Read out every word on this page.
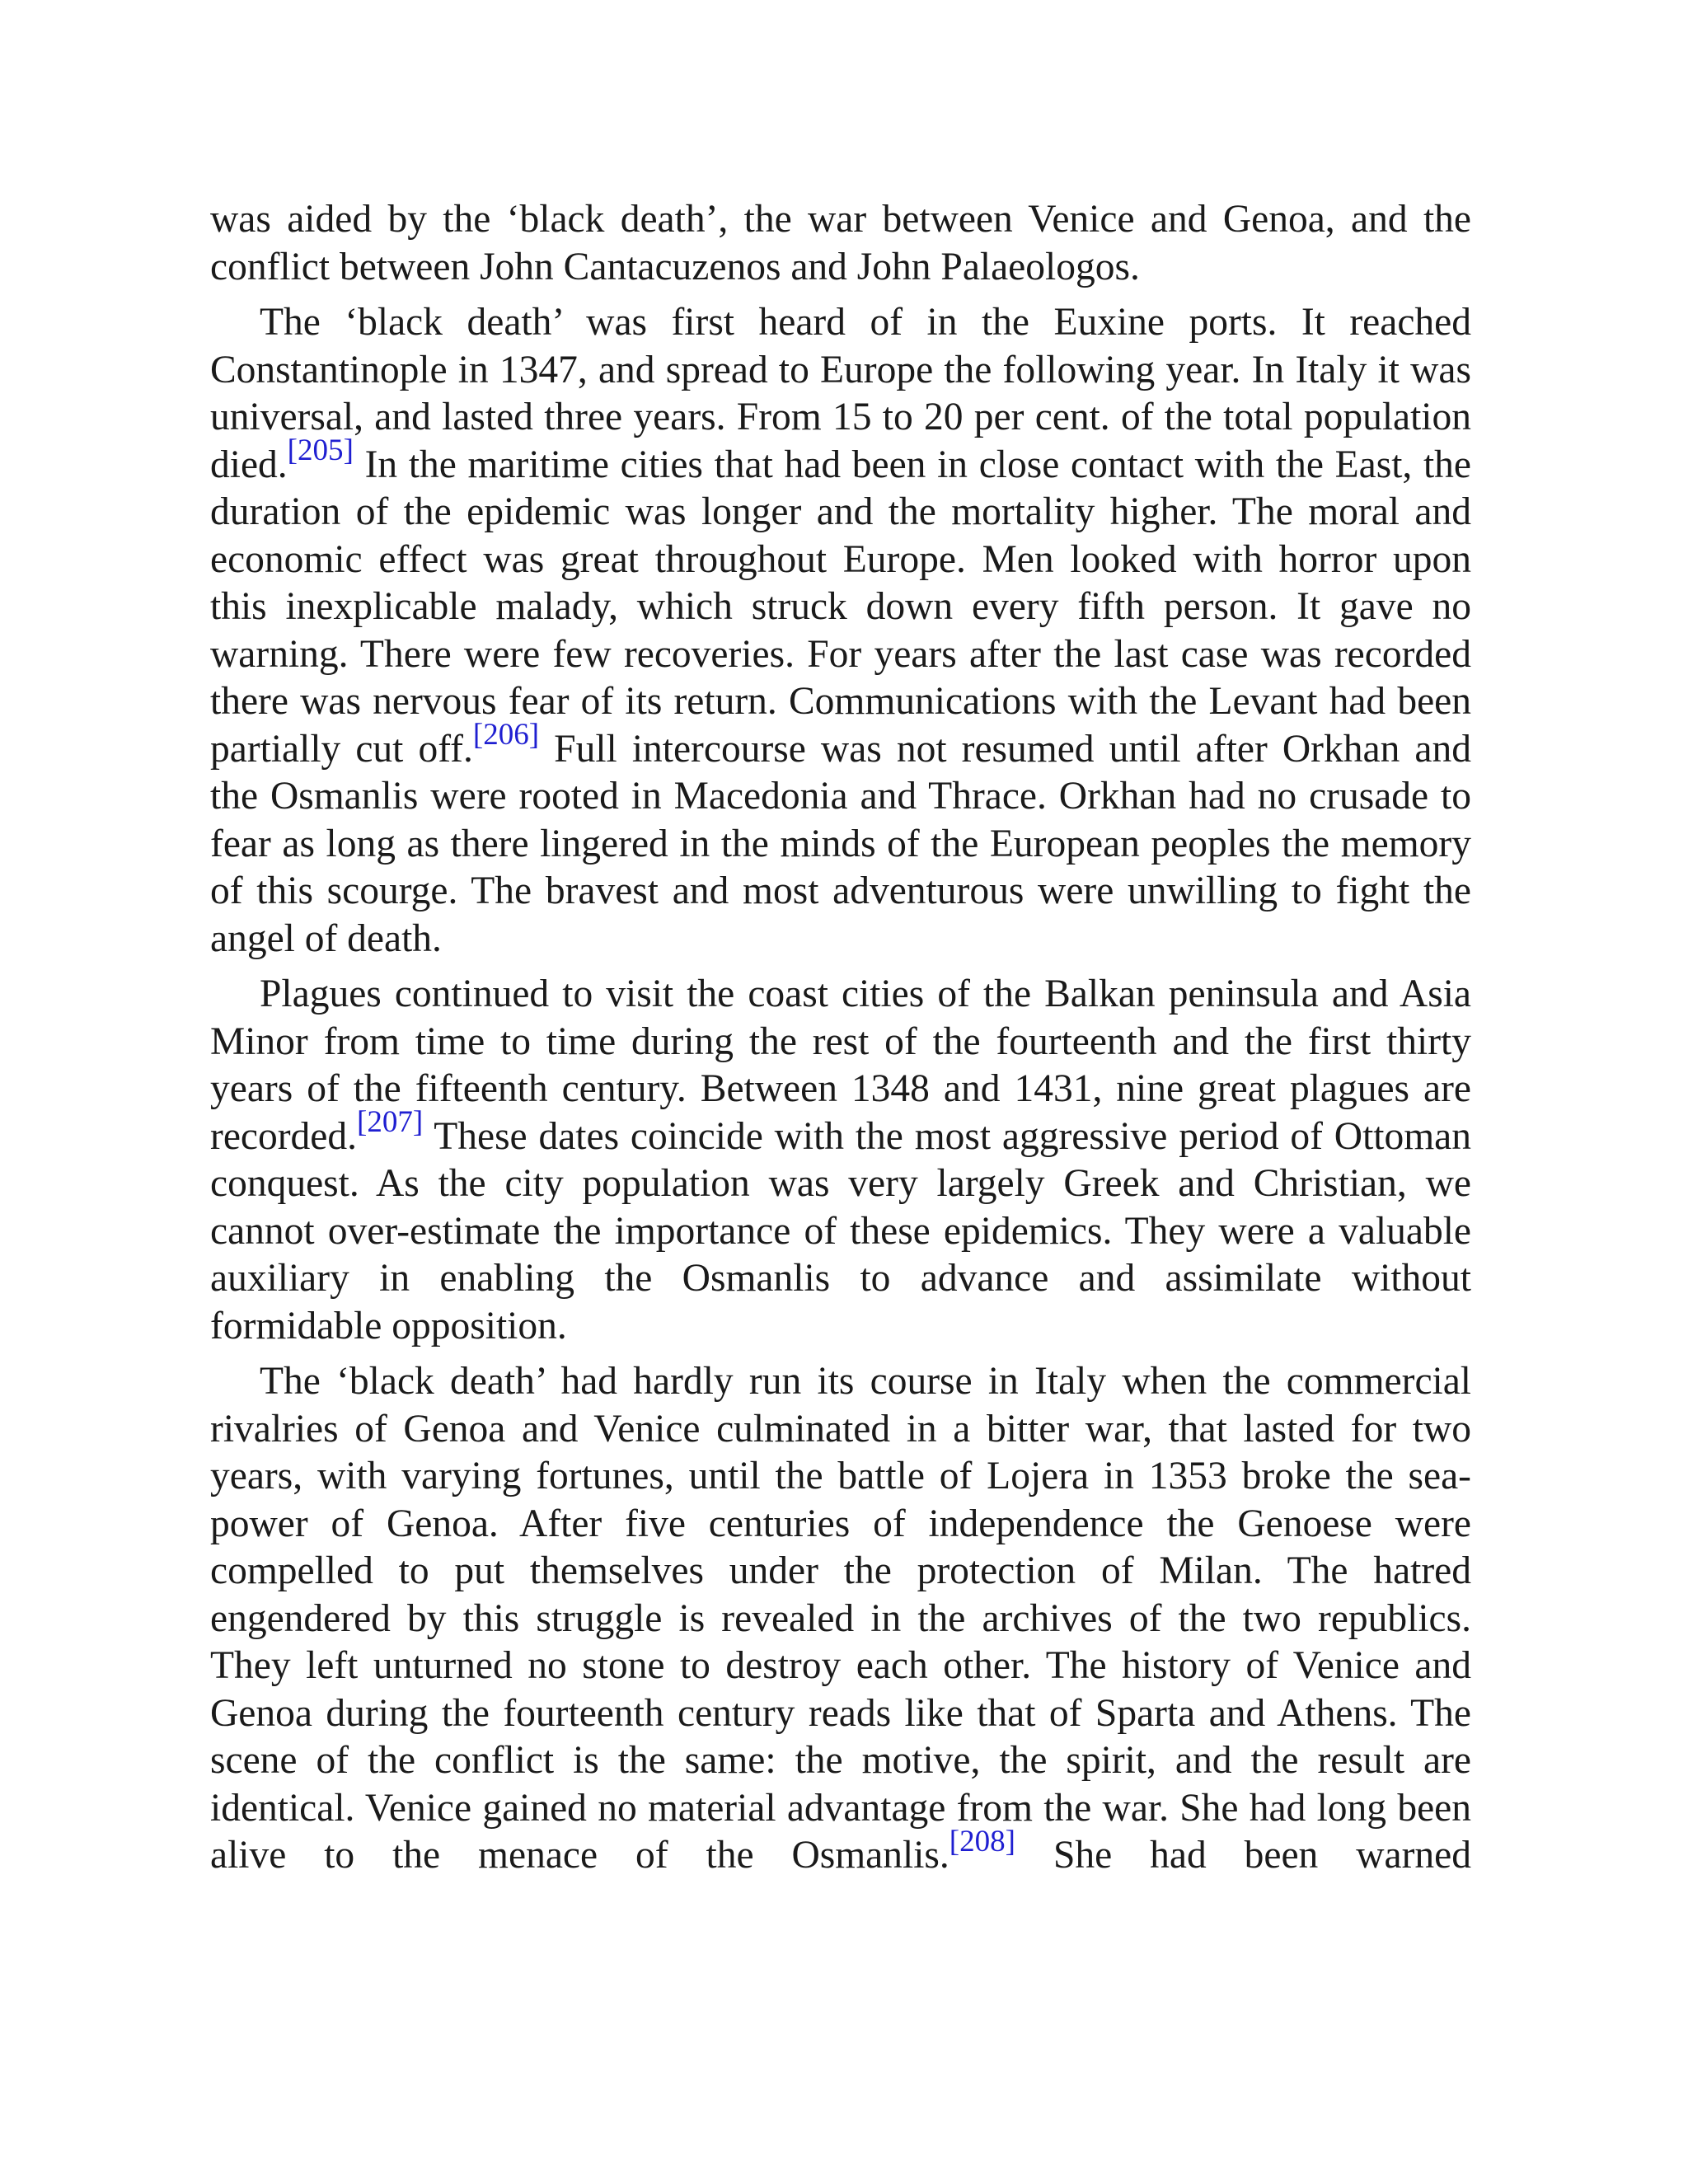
was aided by the ‘black death’, the war between Venice and Genoa, and the conflict between John Cantacuzenos and John Palaeologos.

The ‘black death’ was first heard of in the Euxine ports. It reached Constantinople in 1347, and spread to Europe the following year. In Italy it was universal, and lasted three years. From 15 to 20 per cent. of the total population died.[205] In the maritime cities that had been in close contact with the East, the duration of the epidemic was longer and the mortality higher. The moral and economic effect was great throughout Europe. Men looked with horror upon this inexplicable malady, which struck down every fifth person. It gave no warning. There were few recoveries. For years after the last case was recorded there was nervous fear of its return. Communications with the Levant had been partially cut off.[206] Full intercourse was not resumed until after Orkhan and the Osmanlis were rooted in Macedonia and Thrace. Orkhan had no crusade to fear as long as there lingered in the minds of the European peoples the memory of this scourge. The bravest and most adventurous were unwilling to fight the angel of death.

Plagues continued to visit the coast cities of the Balkan peninsula and Asia Minor from time to time during the rest of the fourteenth and the first thirty years of the fifteenth century. Between 1348 and 1431, nine great plagues are recorded.[207] These dates coincide with the most aggressive period of Ottoman conquest. As the city population was very largely Greek and Christian, we cannot over-estimate the importance of these epidemics. They were a valuable auxiliary in enabling the Osmanlis to advance and assimilate without formidable opposition.

The ‘black death’ had hardly run its course in Italy when the commercial rivalries of Genoa and Venice culminated in a bitter war, that lasted for two years, with varying fortunes, until the battle of Lojera in 1353 broke the sea-power of Genoa. After five centuries of independence the Genoese were compelled to put themselves under the protection of Milan. The hatred engendered by this struggle is revealed in the archives of the two republics. They left unturned no stone to destroy each other. The history of Venice and Genoa during the fourteenth century reads like that of Sparta and Athens. The scene of the conflict is the same: the motive, the spirit, and the result are identical. Venice gained no material advantage from the war. She had long been alive to the menace of the Osmanlis.[208] She had been warned
